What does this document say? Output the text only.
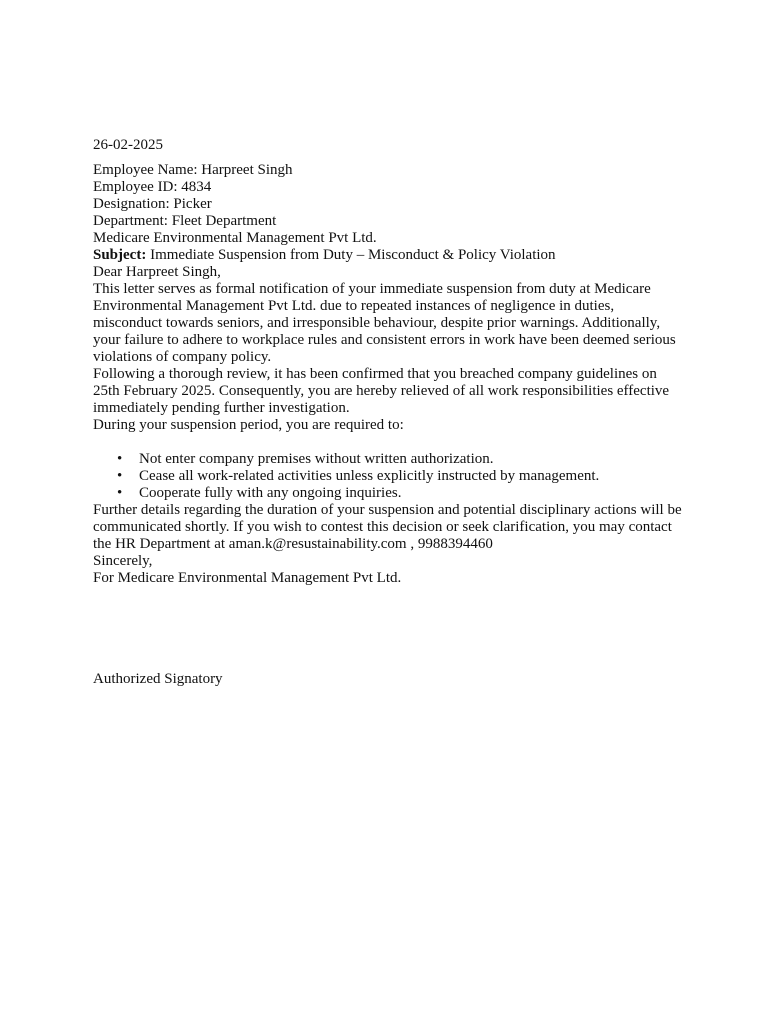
26-02-2025
Employee Name: Harpreet Singh
Employee ID: 4834
Designation: Picker
Department: Fleet Department
Medicare Environmental Management Pvt Ltd.
Subject: Immediate Suspension from Duty – Misconduct & Policy Violation
Dear Harpreet Singh,
This letter serves as formal notification of your immediate suspension from duty at Medicare Environmental Management Pvt Ltd. due to repeated instances of negligence in duties, misconduct towards seniors, and irresponsible behaviour, despite prior warnings. Additionally, your failure to adhere to workplace rules and consistent errors in work have been deemed serious violations of company policy.
Following a thorough review, it has been confirmed that you breached company guidelines on 25th February 2025. Consequently, you are hereby relieved of all work responsibilities effective immediately pending further investigation.
During your suspension period, you are required to:
• Not enter company premises without written authorization.
• Cease all work-related activities unless explicitly instructed by management.
• Cooperate fully with any ongoing inquiries.
Further details regarding the duration of your suspension and potential disciplinary actions will be communicated shortly. If you wish to contest this decision or seek clarification, you may contact the HR Department at aman.k@resustainability.com , 9988394460
Sincerely,
For Medicare Environmental Management Pvt Ltd.
Authorized Signatory
